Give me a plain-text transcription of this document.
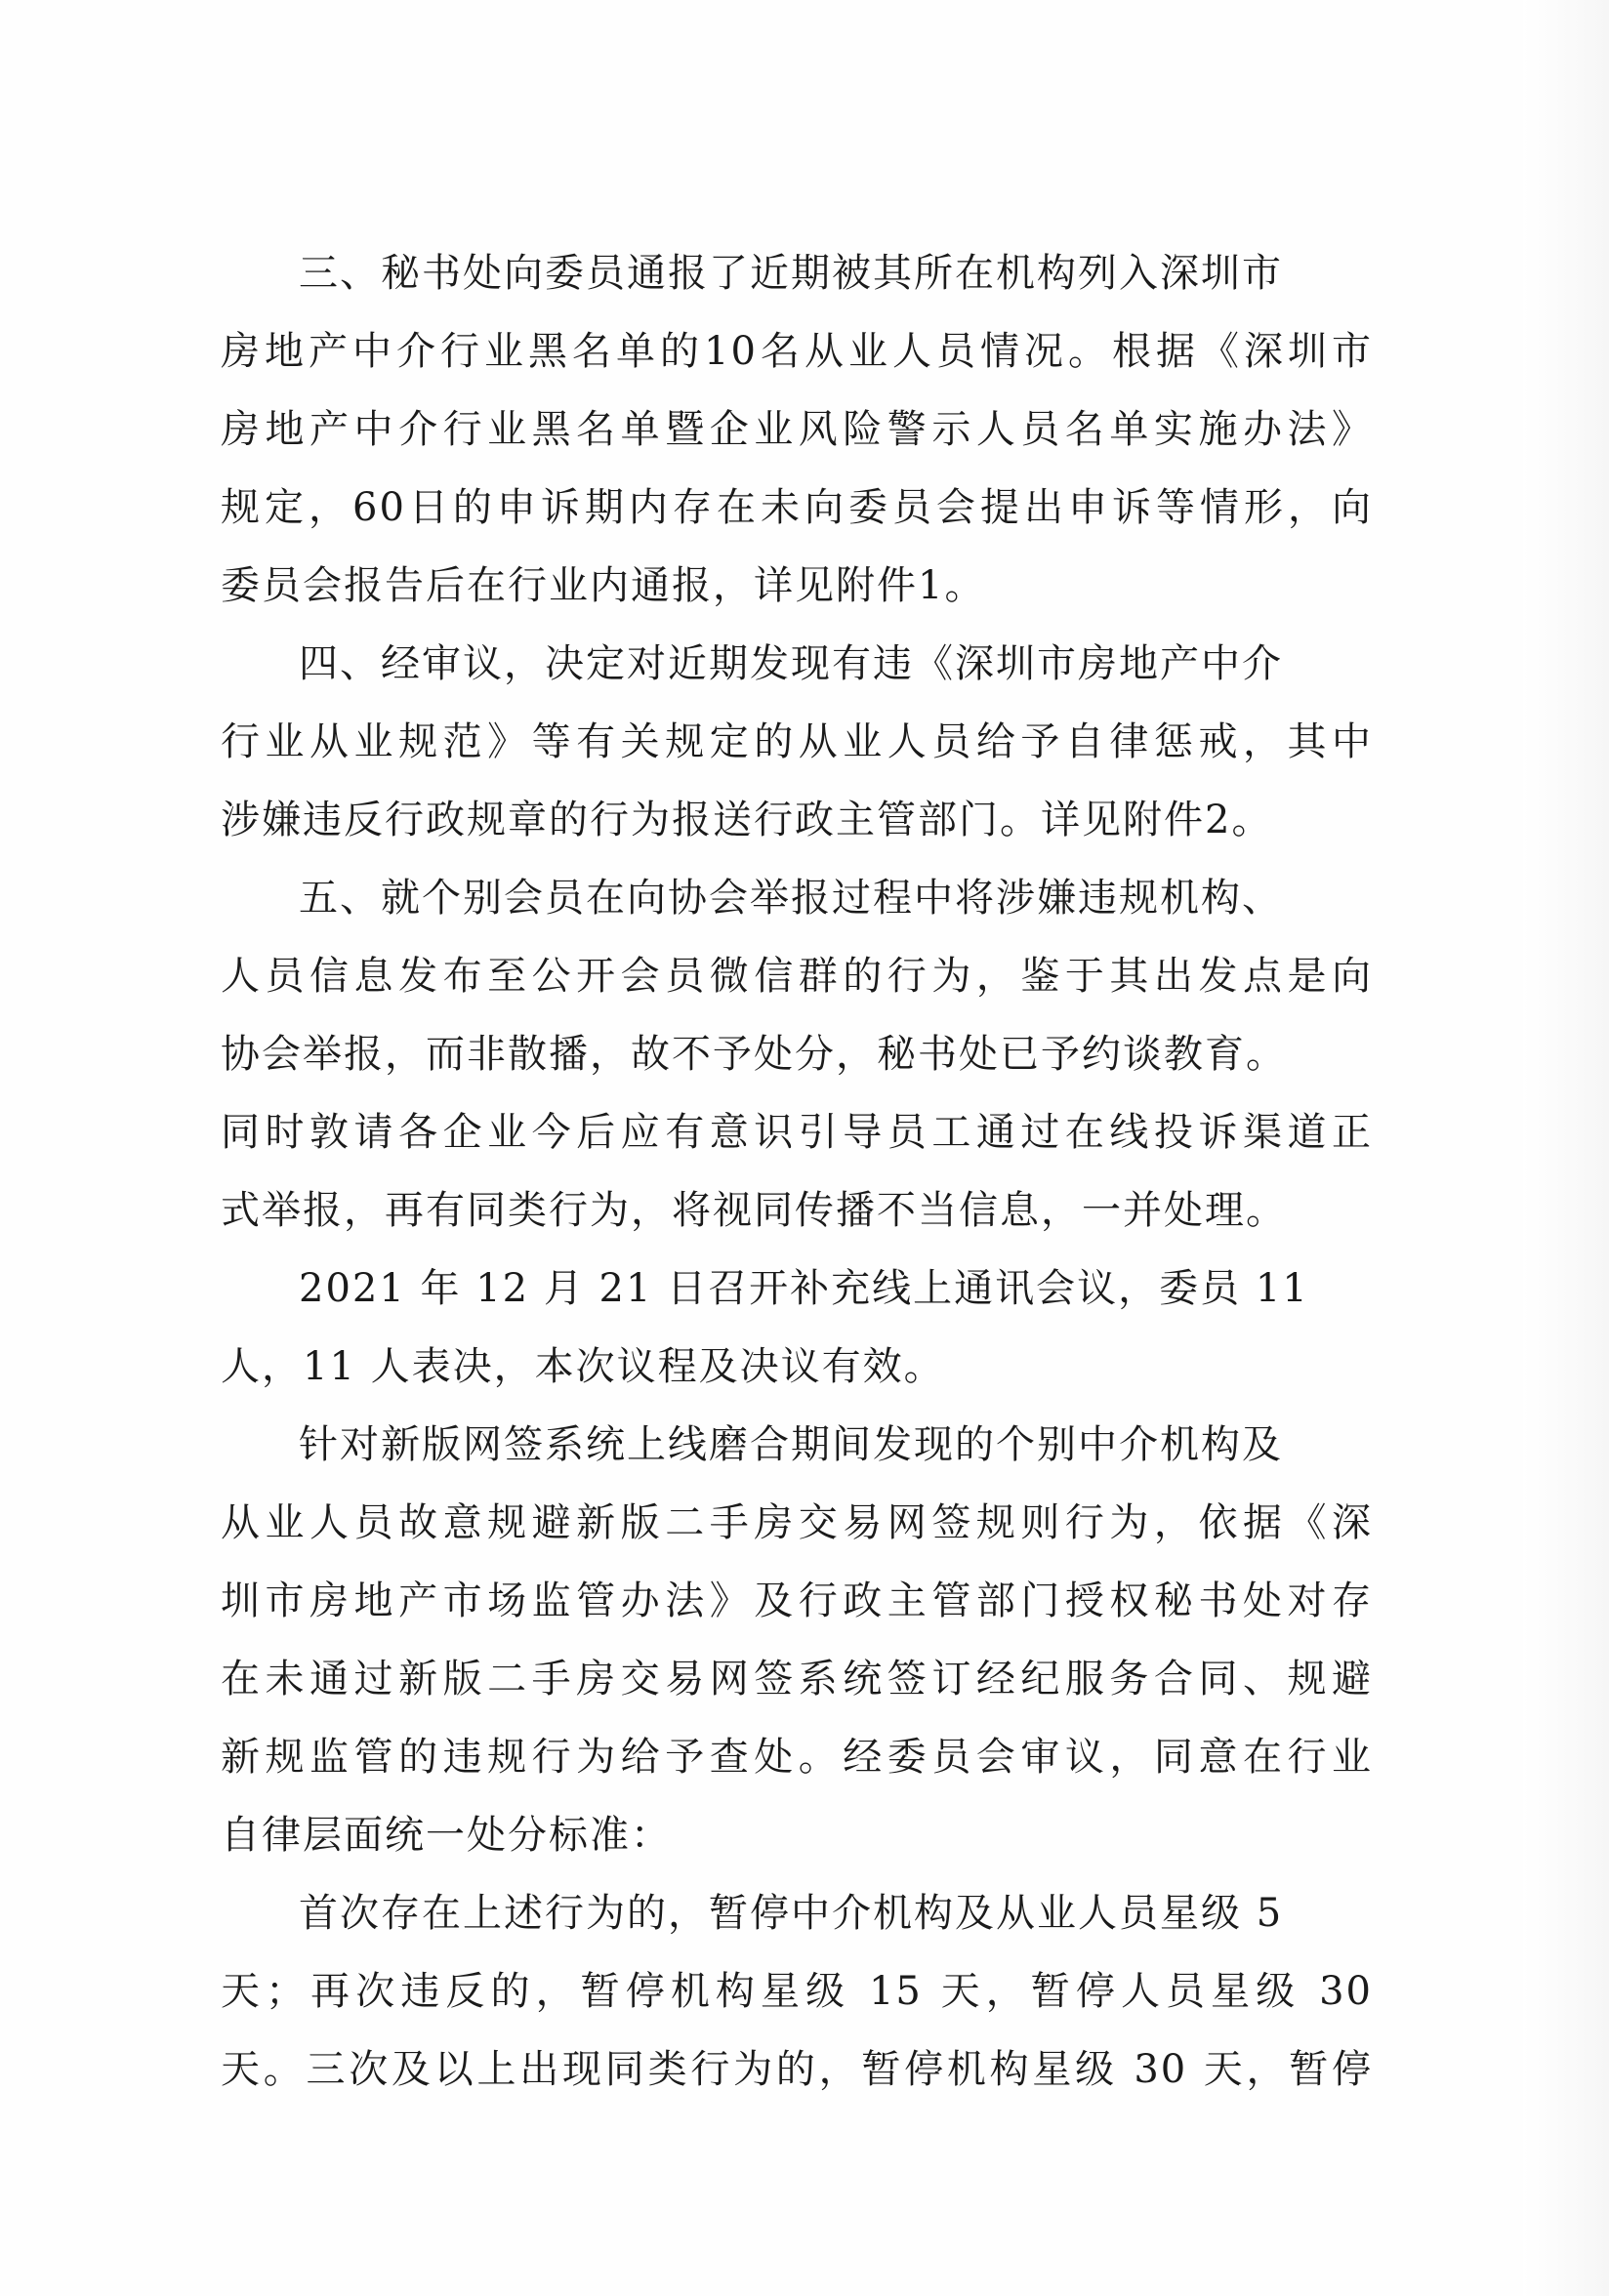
三、秘书处向委员通报了近期被其所在机构列入深圳市
房地产中介行业黑名单的10名从业人员情况。根据《深圳市
房地产中介行业黑名单暨企业风险警示人员名单实施办法》
规定，60日的申诉期内存在未向委员会提出申诉等情形，向
委员会报告后在行业内通报，详见附件1。
四、经审议，决定对近期发现有违《深圳市房地产中介
行业从业规范》等有关规定的从业人员给予自律惩戒，其中
涉嫌违反行政规章的行为报送行政主管部门。详见附件2。
五、就个别会员在向协会举报过程中将涉嫌违规机构、
人员信息发布至公开会员微信群的行为，鉴于其出发点是向
协会举报，而非散播，故不予处分，秘书处已予约谈教育。
同时敦请各企业今后应有意识引导员工通过在线投诉渠道正
式举报，再有同类行为，将视同传播不当信息，一并处理。
2021 年 12 月 21 日召开补充线上通讯会议，委员 11
人，11 人表决，本次议程及决议有效。
针对新版网签系统上线磨合期间发现的个别中介机构及
从业人员故意规避新版二手房交易网签规则行为，依据《深
圳市房地产市场监管办法》及行政主管部门授权秘书处对存
在未通过新版二手房交易网签系统签订经纪服务合同、规避
新规监管的违规行为给予查处。经委员会审议，同意在行业
自律层面统一处分标准：
首次存在上述行为的，暂停中介机构及从业人员星级 5
天；再次违反的，暂停机构星级 15 天，暂停人员星级 30
天。三次及以上出现同类行为的，暂停机构星级 30 天，暂停
